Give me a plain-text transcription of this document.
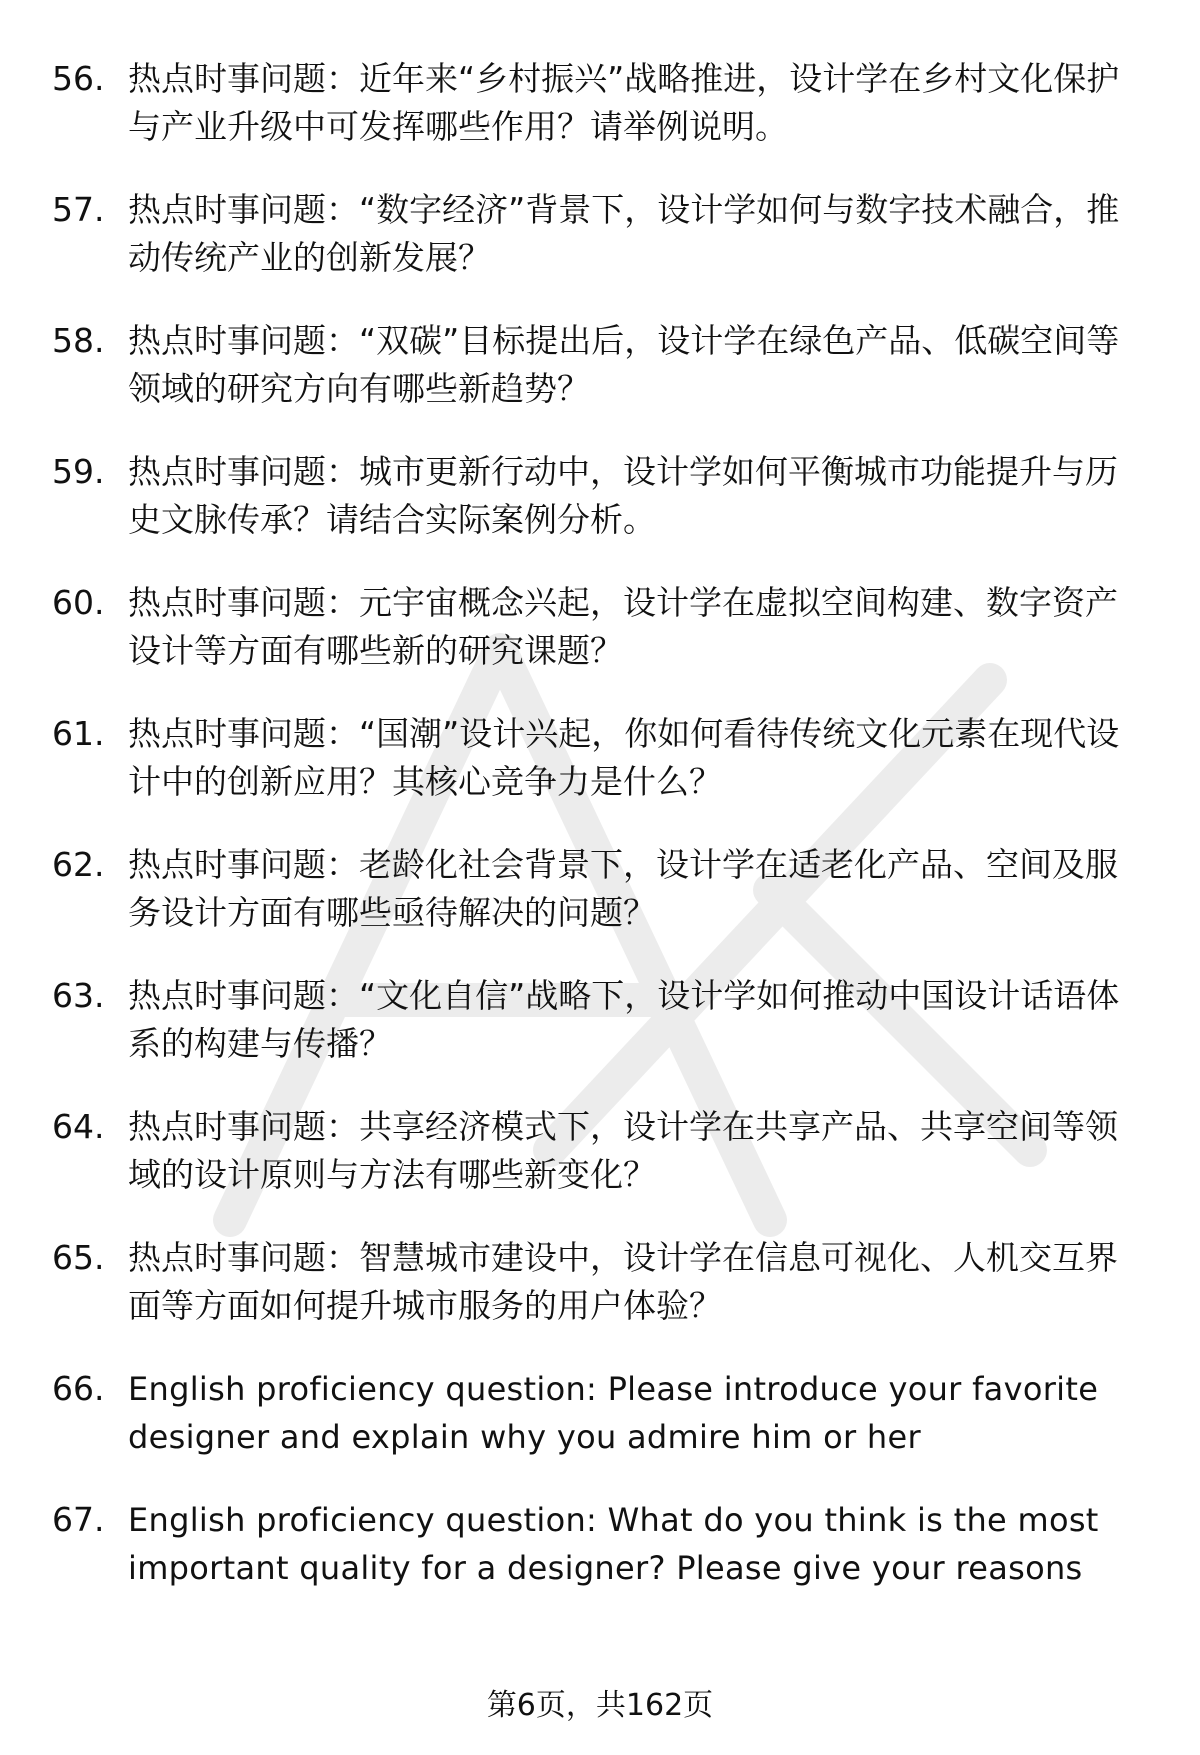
56. 热点时事问题：近年来“乡村振兴”战略推进，设计学在乡村文化保护与产业升级中可发挥哪些作用？请举例说明。
57. 热点时事问题：“数字经济”背景下，设计学如何与数字技术融合，推动传统产业的创新发展？
58. 热点时事问题：“双碳”目标提出后，设计学在绿色产品、低碳空间等领域的研究方向有哪些新趋势？
59. 热点时事问题：城市更新行动中，设计学如何平衡城市功能提升与历史文脉传承？请结合实际案例分析。
60. 热点时事问题：元宇宙概念兴起，设计学在虚拟空间构建、数字资产设计等方面有哪些新的研究课题？
61. 热点时事问题：“国潮”设计兴起，你如何看待传统文化元素在现代设计中的创新应用？其核心竞争力是什么？
62. 热点时事问题：老龄化社会背景下，设计学在适老化产品、空间及服务设计方面有哪些亟待解决的问题？
63. 热点时事问题：“文化自信”战略下，设计学如何推动中国设计话语体系的构建与传播？
64. 热点时事问题：共享经济模式下，设计学在共享产品、共享空间等领域的设计原则与方法有哪些新变化？
65. 热点时事问题：智慧城市建设中，设计学在信息可视化、人机交互界面等方面如何提升城市服务的用户体验？
66. English proficiency question: Please introduce your favorite designer and explain why you admire him or her
67. English proficiency question: What do you think is the most important quality for a designer? Please give your reasons
第6页，共162页
